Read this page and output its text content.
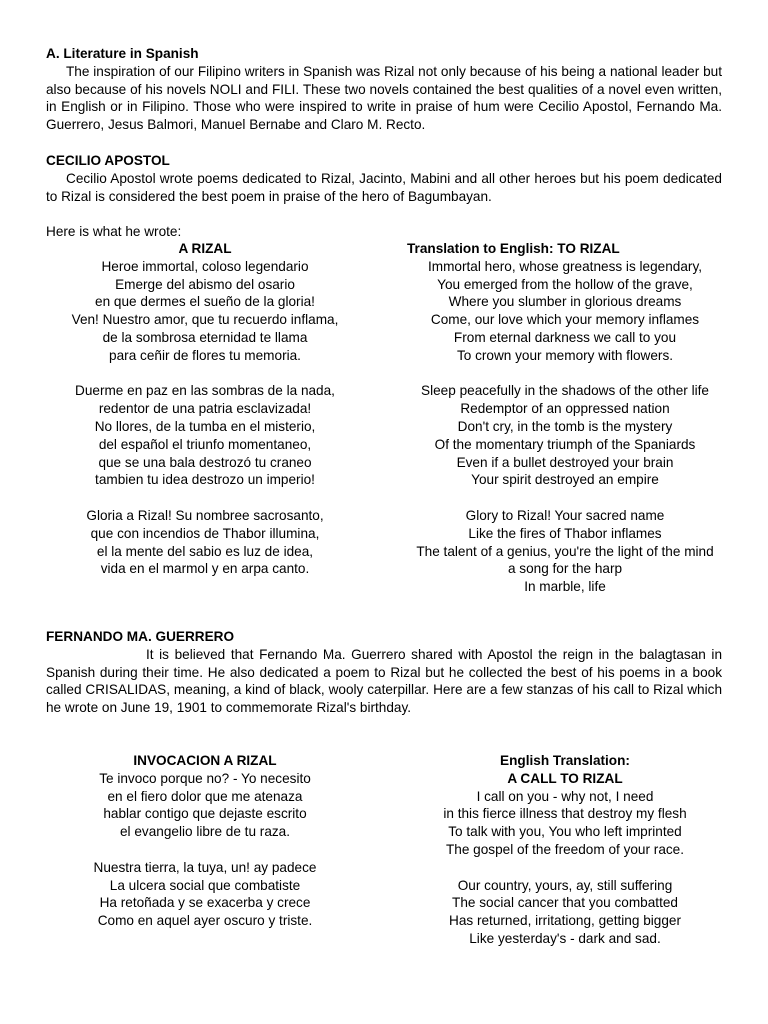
A. Literature in Spanish

The inspiration of our Filipino writers in Spanish was Rizal not only because of his being a national leader but also because of his novels NOLI and FILI. These two novels contained the best qualities of a novel even written, in English or in Filipino. Those who were inspired to write in praise of hum were Cecilio Apostol, Fernando Ma. Guerrero, Jesus Balmori, Manuel Bernabe and Claro M. Recto.

CECILIO APOSTOL

Cecilio Apostol wrote poems dedicated to Rizal, Jacinto, Mabini and all other heroes but his poem dedicated to Rizal is considered the best poem in praise of the hero of Bagumbayan.

Here is what he wrote:
A RIZAL
Heroe immortal, coloso legendario
Emerge del abismo del osario
en que dermes el sueño de la gloria!
Ven! Nuestro amor, que tu recuerdo inflama,
de la sombrosa eternidad te llama
para ceñir de flores tu memoria.
Duerme en paz en las sombras de la nada,
redentor de una patria esclavizada!
No llores, de la tumba en el misterio,
del español el triunfo momentaneo,
que se una bala destrozó tu craneo
tambien tu idea destrozo un imperio!
Gloria a Rizal! Su nombree sacrosanto,
que con incendios de Thabor illumina,
el la mente del sabio es luz de idea,
vida en el marmol y en arpa canto.
Translation to English: TO RIZAL
Immortal hero, whose greatness is legendary,
You emerged from the hollow of the grave,
Where you slumber in glorious dreams
Come, our love which your memory inflames
From eternal darkness we call to you
To crown your memory with flowers.
Sleep peacefully in the shadows of the other life
Redemptor of an oppressed nation
Don't cry, in the tomb is the mystery
Of the momentary triumph of the Spaniards
Even if a bullet destroyed your brain
Your spirit destroyed an empire
Glory to Rizal! Your sacred name
Like the fires of Thabor inflames
The talent of a genius, you're the light of the mind
a song for the harp
In marble, life
FERNANDO MA. GUERRERO

It is believed that Fernando Ma. Guerrero shared with Apostol the reign in the balagtasan in Spanish during their time. He also dedicated a poem to Rizal but he collected the best of his poems in a book called CRISALIDAS, meaning, a kind of black, wooly caterpillar. Here are a few stanzas of his call to Rizal which he wrote on June 19, 1901 to commemorate Rizal's birthday.

INVOCACION A RIZAL
Te invoco porque no? - Yo necesito
en el fiero dolor que me atenaza
hablar contigo que dejaste escrito
el evangelio libre de tu raza.
Nuestra tierra, la tuya, un! ay padece
La ulcera social que combatiste
Ha retoñada y se exacerba y crece
Como en aquel ayer oscuro y triste.
English Translation:
A CALL TO RIZAL
I call on you - why not, I need
in this fierce illness that destroy my flesh
To talk with you, You who left imprinted
The gospel of the freedom of your race.
Our country, yours, ay, still suffering
The social cancer that you combatted
Has returned, irritationg, getting bigger
Like yesterday's - dark and sad.
